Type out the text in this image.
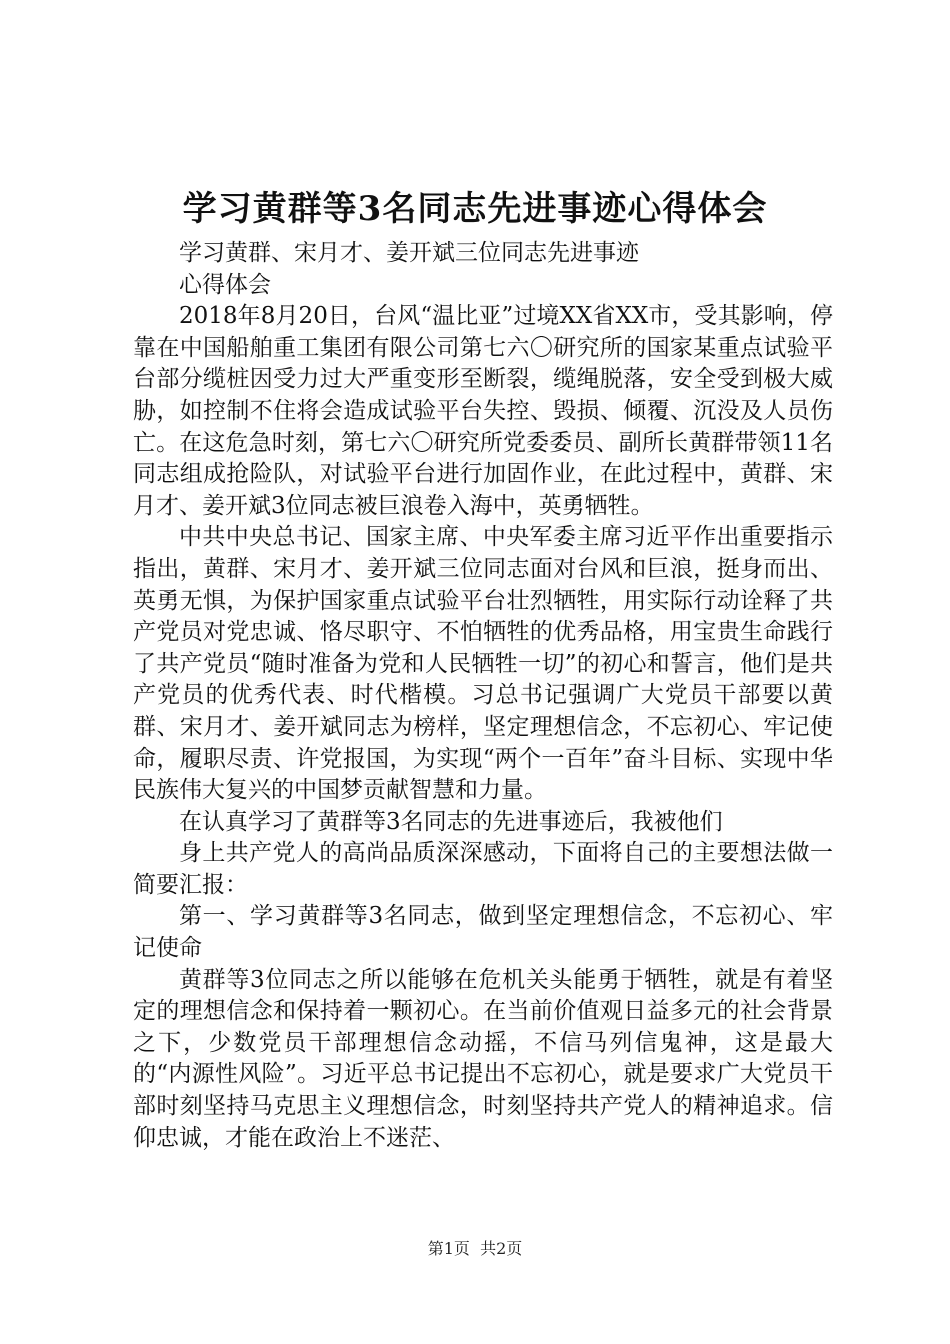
学习黄群等3名同志先进事迹心得体会

学习黄群、宋月才、姜开斌三位同志先进事迹

心得体会

2018年8月20日，台风“温比亚”过境XX省XX市，受其影响，停靠在中国船舶重工集团有限公司第七六〇研究所的国家某重点试验平台部分缆桩因受力过大严重变形至断裂，缆绳脱落，安全受到极大威胁，如控制不住将会造成试验平台失控、毁损、倾覆、沉没及人员伤亡。在这危急时刻，第七六〇研究所党委委员、副所长黄群带领11名同志组成抢险队，对试验平台进行加固作业，在此过程中，黄群、宋月才、姜开斌3位同志被巨浪卷入海中，英勇牺牲。

中共中央总书记、国家主席、中央军委主席习近平作出重要指示指出，黄群、宋月才、姜开斌三位同志面对台风和巨浪，挺身而出、英勇无惧，为保护国家重点试验平台壮烈牺牲，用实际行动诠释了共产党员对党忠诚、恪尽职守、不怕牺牲的优秀品格，用宝贵生命践行了共产党员“随时准备为党和人民牺牲一切”的初心和誓言，他们是共产党员的优秀代表、时代楷模。习总书记强调广大党员干部要以黄群、宋月才、姜开斌同志为榜样，坚定理想信念，不忘初心、牢记使命，履职尽责、许党报国，为实现“两个一百年”奋斗目标、实现中华民族伟大复兴的中国梦贡献智慧和力量。

在认真学习了黄群等3名同志的先进事迹后，我被他们

身上共产党人的高尚品质深深感动，下面将自己的主要想法做一简要汇报：

第一、学习黄群等3名同志，做到坚定理想信念，不忘初心、牢记使命

黄群等3位同志之所以能够在危机关头能勇于牺牲，就是有着坚定的理想信念和保持着一颗初心。在当前价值观日益多元的社会背景之下，少数党员干部理想信念动摇，不信马列信鬼神，这是最大的“内源性风险”。习近平总书记提出不忘初心，就是要求广大党员干部时刻坚持马克思主义理想信念，时刻坚持共产党人的精神追求。信仰忠诚，才能在政治上不迷茫、

第1页 共2页
